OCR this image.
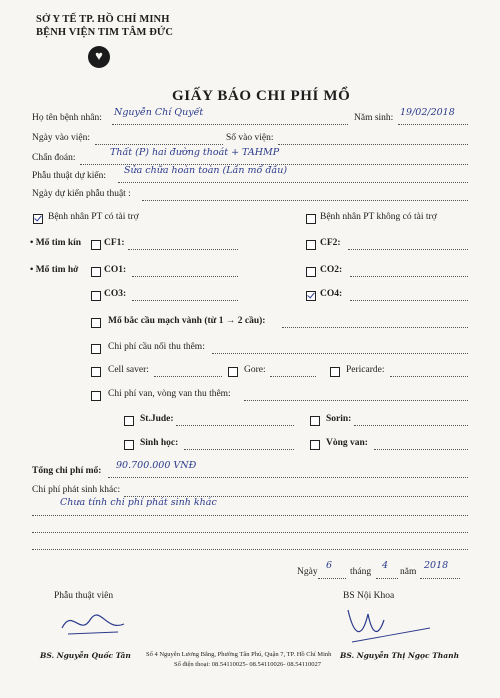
SỞ Y TẾ TP. HỒ CHÍ MINH
BỆNH VIỆN TIM TÂM ĐỨC
♥
GIẤY BÁO CHI PHÍ MỔ
Họ tên bệnh nhân: Nguyễn Chí Quyết	Năm sinh: 19/02/2018
Ngày vào viện:	Số vào viện:
Chẩn đoán:	Thất (P) hai đường thoát + TAHMP
Phẫu thuật dự kiến: Sửa chữa hoàn toàn (Lần mổ đầu)
Ngày dự kiến phẫu thuật :
Bệnh nhân PT có tài trợ	Bệnh nhân PT không có tài trợ
• Mổ tim kín CF1:	CF2:
• Mổ tim hở	CO1:	CO2:
CO3:	CO4:
Mổ bắc cầu mạch vành (từ 1 → 2 cầu):
Chi phí cầu nối thu thêm:
Cell saver:	Gore:	Pericarde:
Chi phí van, vòng van thu thêm:
St.Jude:	Sorin:
Sinh học:	Vòng van:
Tổng chi phí mổ: 90.700.000 VNĐ
Chi phí phát sinh khác:
Chưa tính chi phí phát sinh khác
Ngày
6
tháng
4
năm
2018
Phẫu thuật viên	BS Nội Khoa
BS. Nguyễn Quốc Tân Số 4 Nguyễn Lương Bằng, Phường Tân Phú, Quận 7, TP. Hồ Chí Minh
Số điện thoại: 08.54110025- 08.54110026- 08.54110027
BS. Nguyễn Thị Ngọc Thanh
